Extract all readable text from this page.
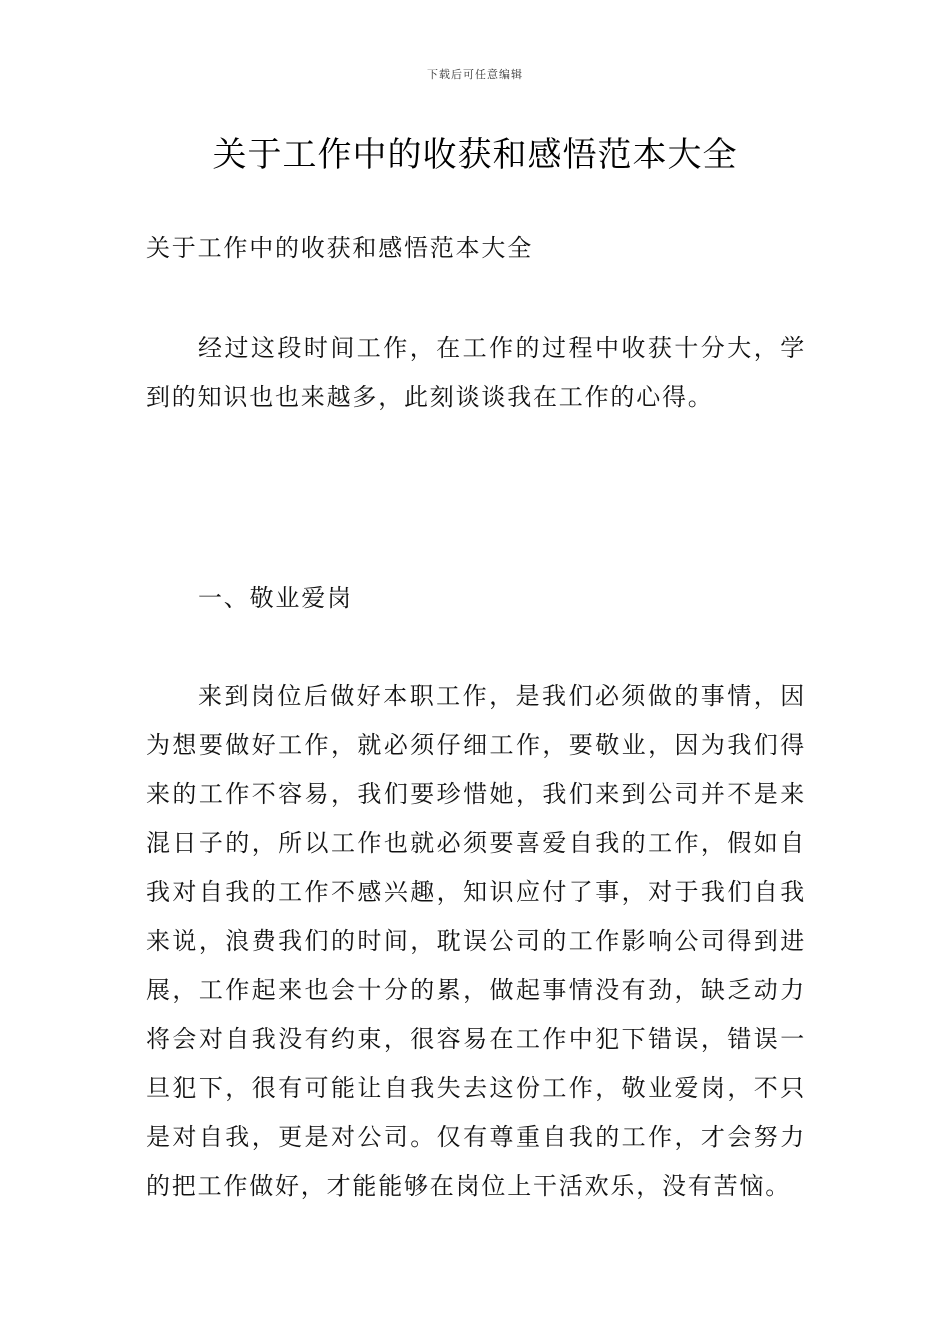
下载后可任意编辑
关于工作中的收获和感悟范本大全

关于工作中的收获和感悟范本大全

经过这段时间工作，在工作的过程中收获十分大，学到的知识也也来越多，此刻谈谈我在工作的心得。

一、敬业爱岗

来到岗位后做好本职工作，是我们必须做的事情，因为想要做好工作，就必须仔细工作，要敬业，因为我们得来的工作不容易，我们要珍惜她，我们来到公司并不是来混日子的，所以工作也就必须要喜爱自我的工作，假如自我对自我的工作不感兴趣，知识应付了事，对于我们自我来说，浪费我们的时间，耽误公司的工作影响公司得到进展，工作起来也会十分的累，做起事情没有劲，缺乏动力将会对自我没有约束，很容易在工作中犯下错误，错误一旦犯下，很有可能让自我失去这份工作，敬业爱岗，不只是对自我，更是对公司。仅有尊重自我的工作，才会努力的把工作做好，才能能够在岗位上干活欢乐，没有苦恼。
